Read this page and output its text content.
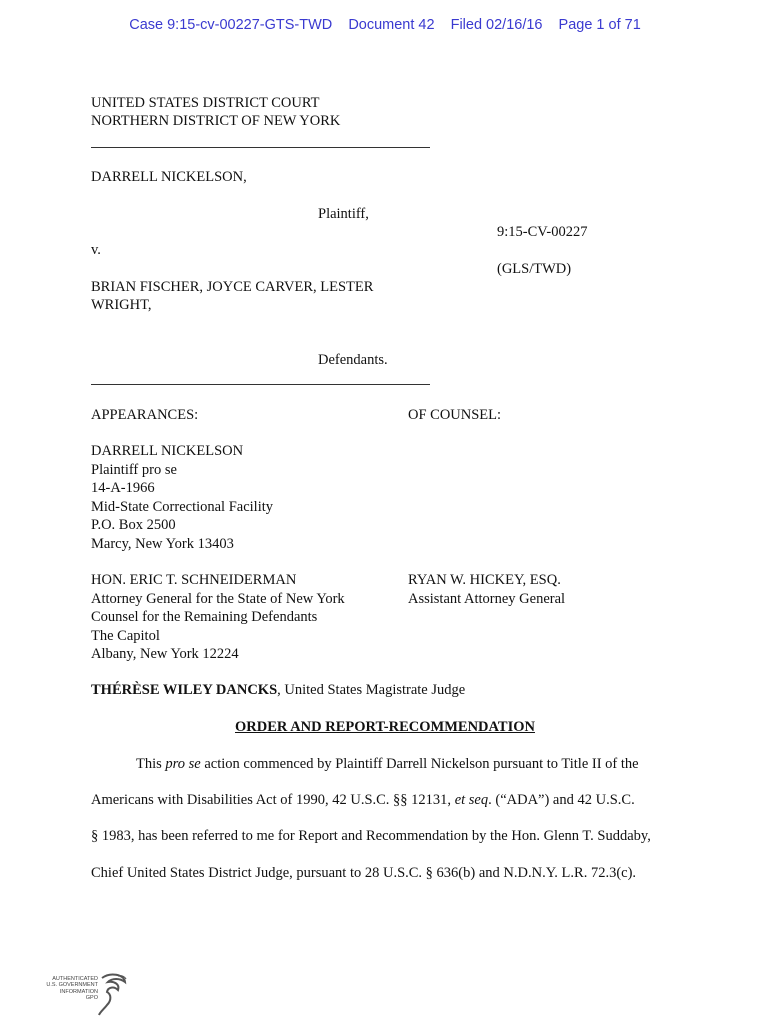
Case 9:15-cv-00227-GTS-TWD Document 42 Filed 02/16/16 Page 1 of 71
UNITED STATES DISTRICT COURT
NORTHERN DISTRICT OF NEW YORK
DARRELL NICKELSON,
Plaintiff,
9:15-CV-00227
v.
(GLS/TWD)
BRIAN FISCHER, JOYCE CARVER, LESTER
WRIGHT,
Defendants.
APPEARANCES:	OF COUNSEL:
DARRELL NICKELSON
Plaintiff pro se
14-A-1966
Mid-State Correctional Facility
P.O. Box 2500
Marcy, New York 13403
HON. ERIC T. SCHNEIDERMAN
Attorney General for the State of New York
Counsel for the Remaining Defendants
The Capitol
Albany, New York 12224
RYAN W. HICKEY, ESQ.
Assistant Attorney General
THÉRÈSE WILEY DANCKS, United States Magistrate Judge
ORDER AND REPORT-RECOMMENDATION
This pro se action commenced by Plaintiff Darrell Nickelson pursuant to Title II of the
Americans with Disabilities Act of 1990, 42 U.S.C. §§ 12131, et seq. (“ADA”) and 42 U.S.C.
§ 1983, has been referred to me for Report and Recommendation by the Hon. Glenn T. Suddaby,
Chief United States District Judge, pursuant to 28 U.S.C. § 636(b) and N.D.N.Y. L.R. 72.3(c).
AUTHENTICATED
U.S. GOVERNMENT
INFORMATION
GPO
